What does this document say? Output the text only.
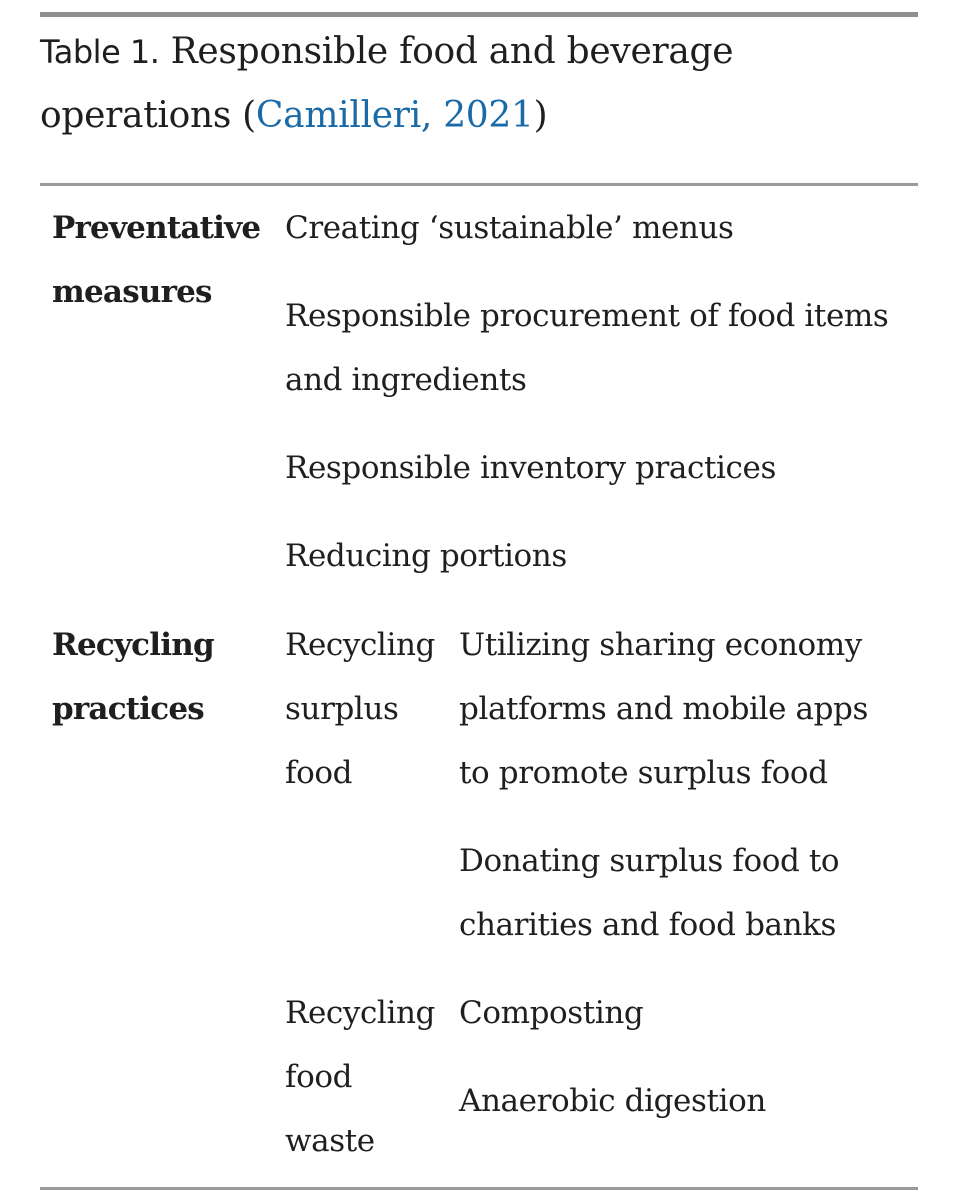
Table 1. Responsible food and beverage operations (Camilleri, 2021)
Preventative
measures
Creating ‘sustainable’ menus
Responsible procurement of food items
and ingredients
Responsible inventory practices
Reducing portions
Recycling
practices
Recycling
surplus
food
Utilizing sharing economy
platforms and mobile apps
to promote surplus food
Donating surplus food to
charities and food banks
Recycling
food
waste
Composting
Anaerobic digestion
